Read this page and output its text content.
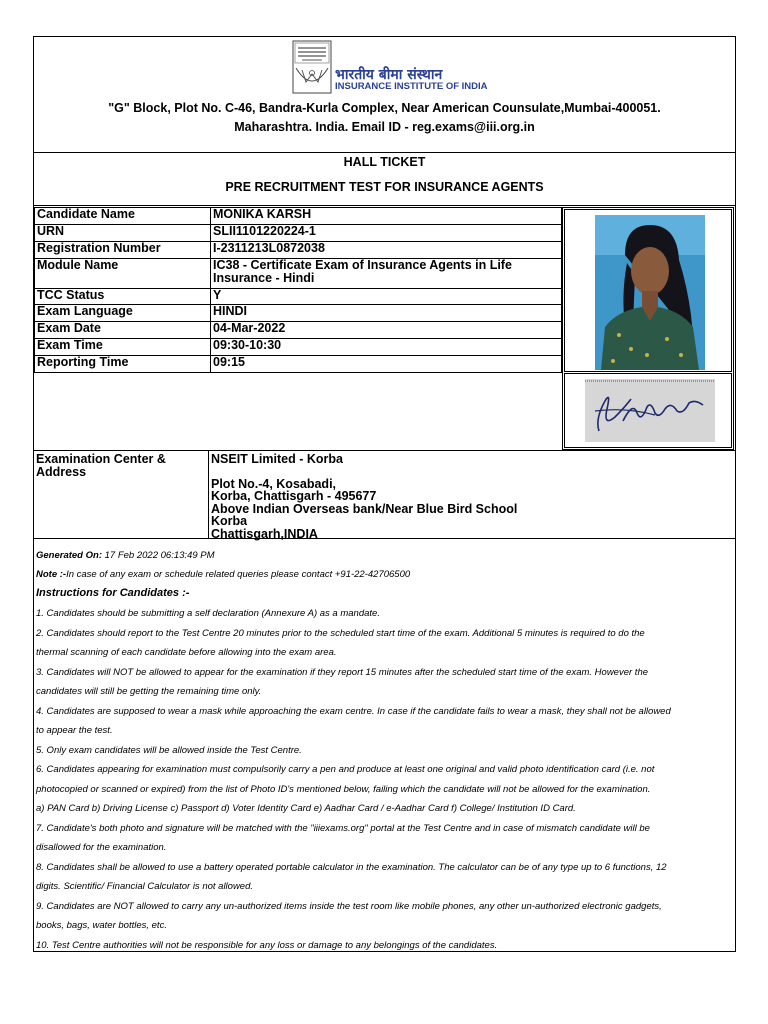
भारतीय बीमा संस्थान
INSURANCE INSTITUTE OF INDIA
"G" Block, Plot No. C-46, Bandra-Kurla Complex, Near American Counsulate,Mumbai-400051.
Maharashtra. India. Email ID - reg.exams@iii.org.in
HALL TICKET
PRE RECRUITMENT TEST FOR INSURANCE AGENTS
Candidate Name	MONIKA KARSH
URN	SLII1101220224-1
Registration Number	I-2311213L0872038
Module Name	IC38 - Certificate Exam of Insurance Agents in Life Insurance - Hindi
TCC Status	Y
Exam Language	HINDI
Exam Date	04-Mar-2022
Exam Time	09:30-10:30
Reporting Time	09:15
Examination Center &
Address
NSEIT Limited - Korba
Plot No.-4, Kosabadi,
Korba, Chattisgarh - 495677
Above Indian Overseas bank/Near Blue Bird School
Korba
Chattisgarh,INDIA
Generated On: 17 Feb 2022 06:13:49 PM
Note :-In case of any exam or schedule related queries please contact +91-22-42706500
Instructions for Candidates :-
1. Candidates should be submitting a self declaration (Annexure A) as a mandate.
2. Candidates should report to the Test Centre 20 minutes prior to the scheduled start time of the exam. Additional 5 minutes is required to do the
thermal scanning of each candidate before allowing into the exam area.
3. Candidates will NOT be allowed to appear for the examination if they report 15 minutes after the scheduled start time of the exam. However the
candidates will still be getting the remaining time only.
4. Candidates are supposed to wear a mask while approaching the exam centre. In case if the candidate fails to wear a mask, they shall not be allowed
to appear the test.
5. Only exam candidates will be allowed inside the Test Centre.
6. Candidates appearing for examination must compulsorily carry a pen and produce at least one original and valid photo identification card (i.e. not
photocopied or scanned or expired) from the list of Photo ID's mentioned below, failing which the candidate will not be allowed for the examination.
a) PAN Card b) Driving License c) Passport d) Voter Identity Card e) Aadhar Card / e-Aadhar Card f) College/ Institution ID Card.
7. Candidate's both photo and signature will be matched with the "iiiexams.org" portal at the Test Centre and in case of mismatch candidate will be
disallowed for the examination.
8. Candidates shall be allowed to use a battery operated portable calculator in the examination. The calculator can be of any type up to 6 functions, 12
digits. Scientific/ Financial Calculator is not allowed.
9. Candidates are NOT allowed to carry any un-authorized items inside the test room like mobile phones, any other un-authorized electronic gadgets,
books, bags, water bottles, etc.
10. Test Centre authorities will not be responsible for any loss or damage to any belongings of the candidates.
